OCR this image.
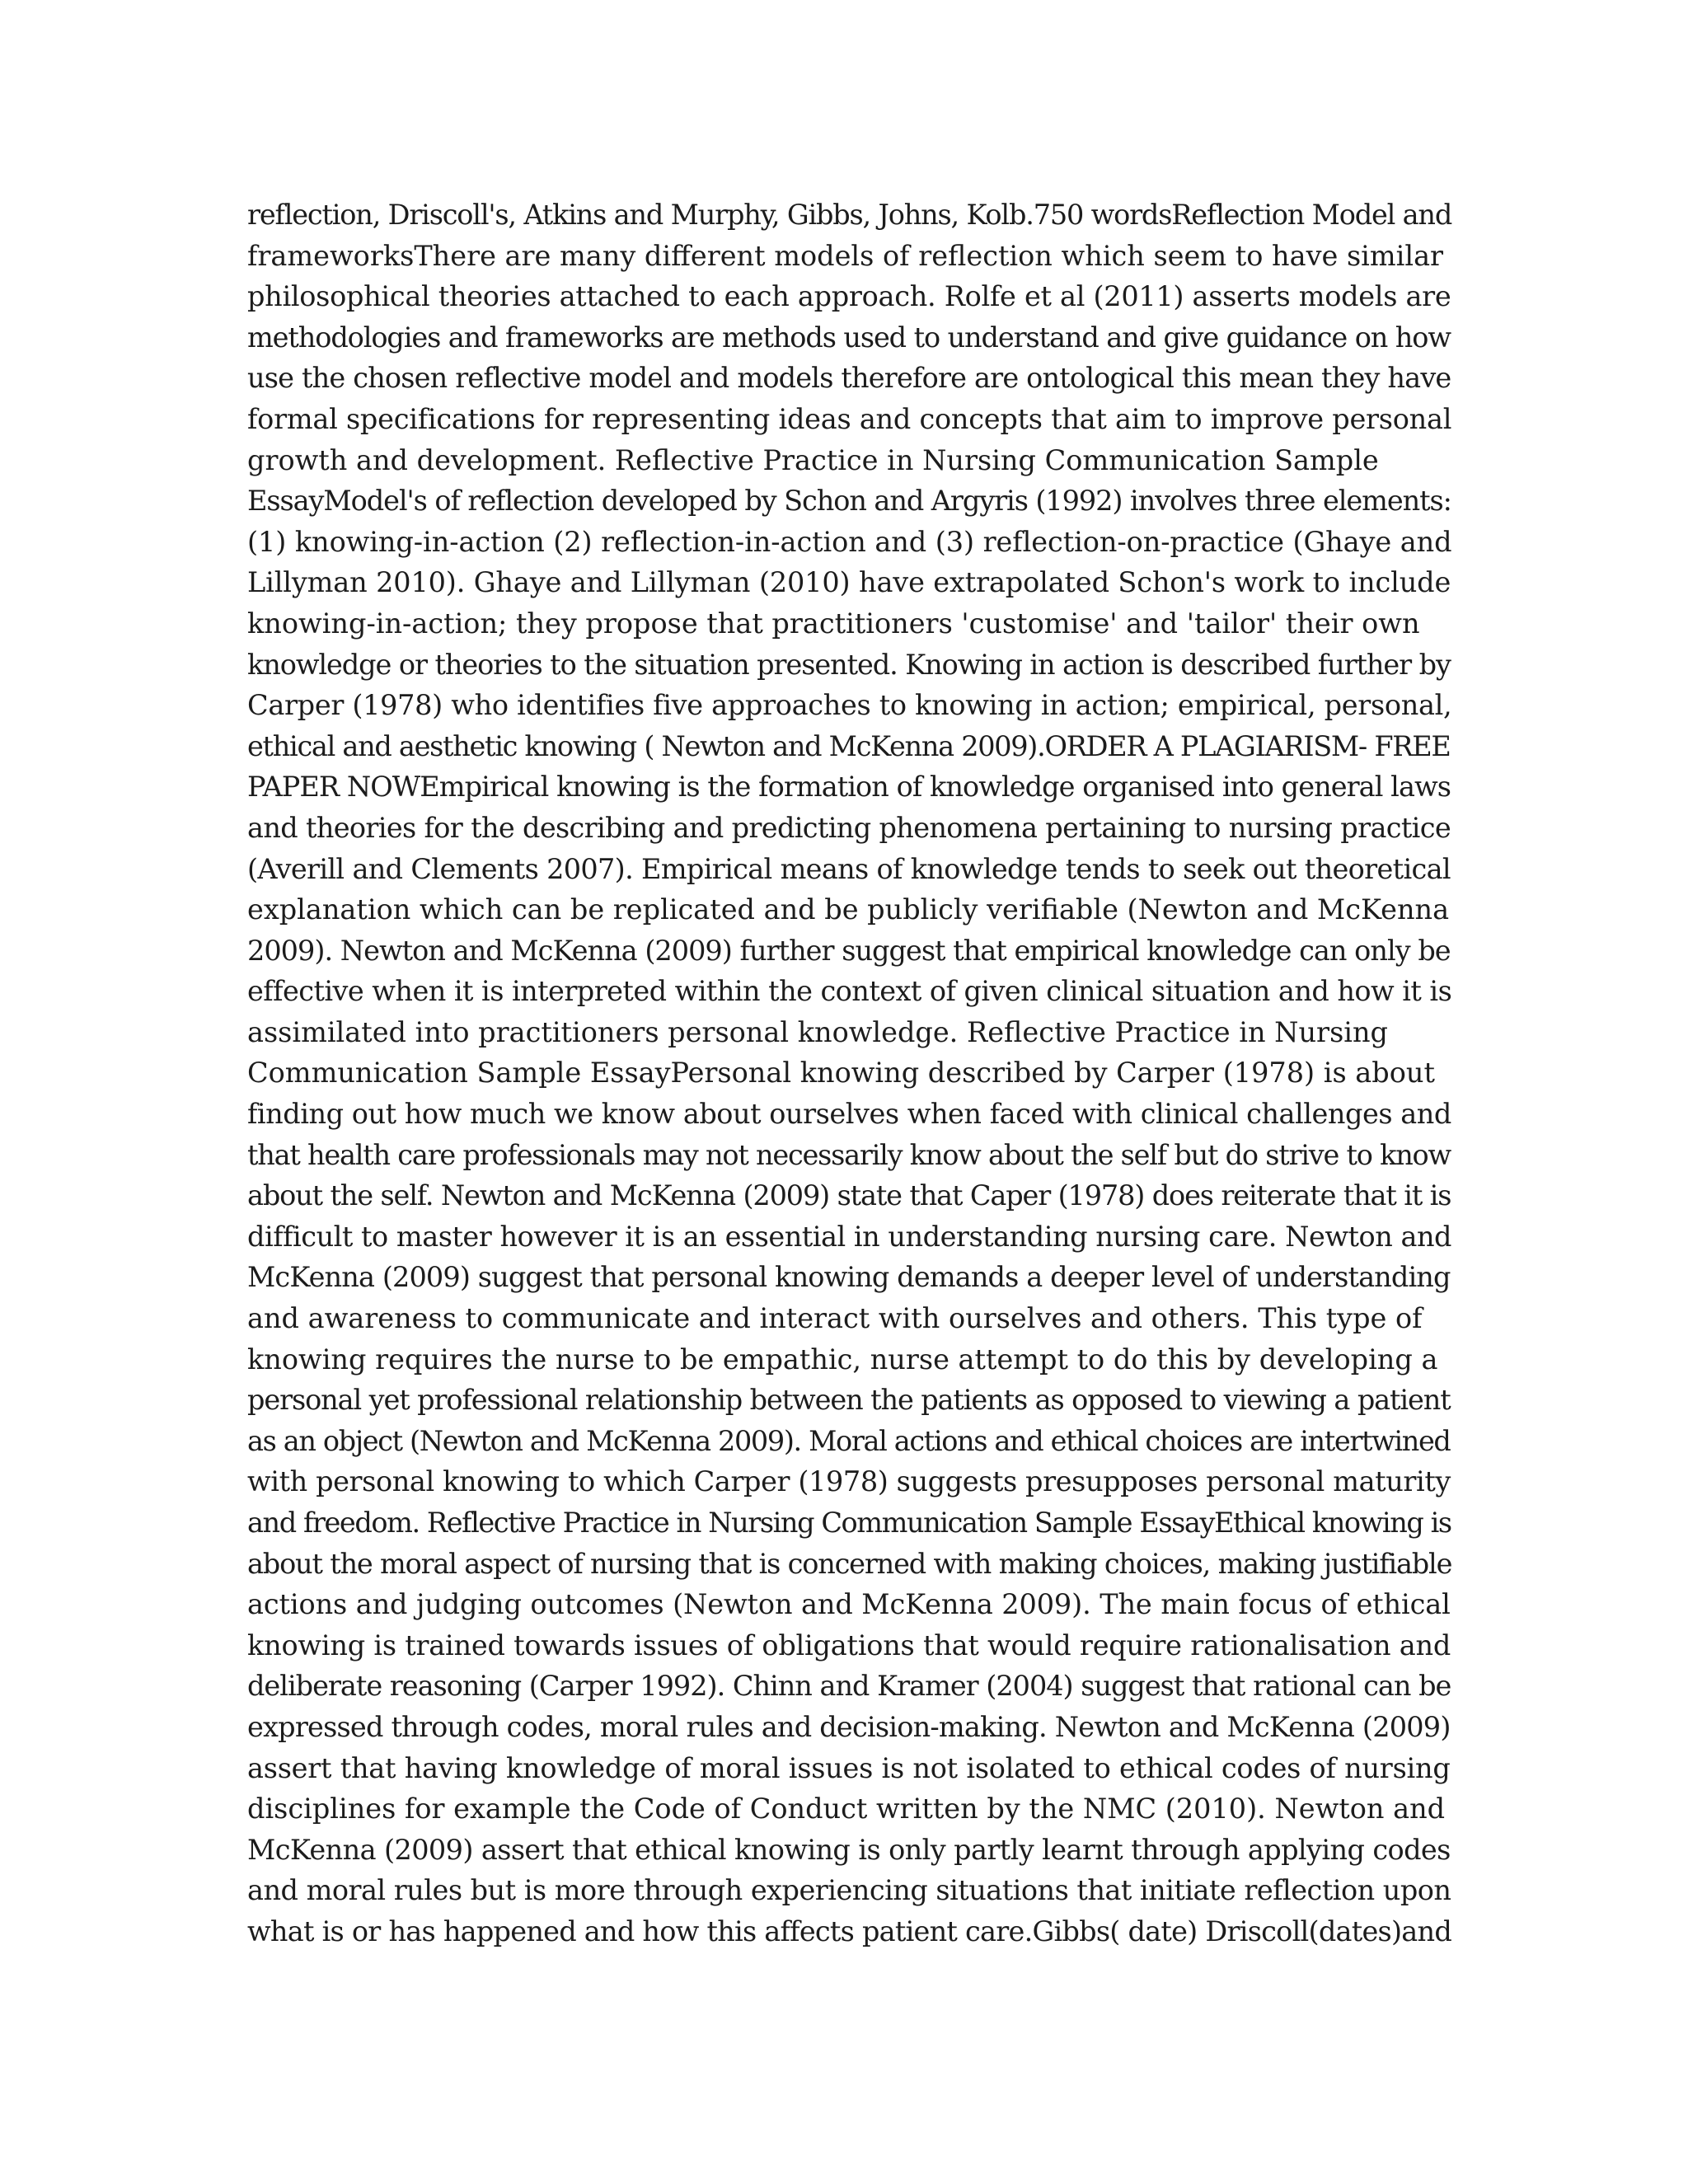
reflection, Driscoll's, Atkins and Murphy, Gibbs, Johns, Kolb.750 wordsReflection Model and
frameworksThere are many different models of reflection which seem to have similar
philosophical theories attached to each approach. Rolfe et al (2011) asserts models are
methodologies and frameworks are methods used to understand and give guidance on how
use the chosen reflective model and models therefore are ontological this mean they have
formal specifications for representing ideas and concepts that aim to improve personal
growth and development. Reflective Practice in Nursing Communication Sample
EssayModel's of reflection developed by Schon and Argyris (1992) involves three elements:
(1) knowing-in-action (2) reflection-in-action and (3) reflection-on-practice (Ghaye and
Lillyman 2010). Ghaye and Lillyman (2010) have extrapolated Schon's work to include
knowing-in-action; they propose that practitioners 'customise' and 'tailor' their own
knowledge or theories to the situation presented. Knowing in action is described further by
Carper (1978) who identifies five approaches to knowing in action; empirical, personal,
ethical and aesthetic knowing ( Newton and McKenna 2009).ORDER A PLAGIARISM- FREE
PAPER NOWEmpirical knowing is the formation of knowledge organised into general laws
and theories for the describing and predicting phenomena pertaining to nursing practice
(Averill and Clements 2007). Empirical means of knowledge tends to seek out theoretical
explanation which can be replicated and be publicly verifiable (Newton and McKenna
2009). Newton and McKenna (2009) further suggest that empirical knowledge can only be
effective when it is interpreted within the context of given clinical situation and how it is
assimilated into practitioners personal knowledge. Reflective Practice in Nursing
Communication Sample EssayPersonal knowing described by Carper (1978) is about
finding out how much we know about ourselves when faced with clinical challenges and
that health care professionals may not necessarily know about the self but do strive to know
about the self. Newton and McKenna (2009) state that Caper (1978) does reiterate that it is
difficult to master however it is an essential in understanding nursing care. Newton and
McKenna (2009) suggest that personal knowing demands a deeper level of understanding
and awareness to communicate and interact with ourselves and others. This type of
knowing requires the nurse to be empathic, nurse attempt to do this by developing a
personal yet professional relationship between the patients as opposed to viewing a patient
as an object (Newton and McKenna 2009). Moral actions and ethical choices are intertwined
with personal knowing to which Carper (1978) suggests presupposes personal maturity
and freedom. Reflective Practice in Nursing Communication Sample EssayEthical knowing is
about the moral aspect of nursing that is concerned with making choices, making justifiable
actions and judging outcomes (Newton and McKenna 2009). The main focus of ethical
knowing is trained towards issues of obligations that would require rationalisation and
deliberate reasoning (Carper 1992). Chinn and Kramer (2004) suggest that rational can be
expressed through codes, moral rules and decision-making. Newton and McKenna (2009)
assert that having knowledge of moral issues is not isolated to ethical codes of nursing
disciplines for example the Code of Conduct written by the NMC (2010). Newton and
McKenna (2009) assert that ethical knowing is only partly learnt through applying codes
and moral rules but is more through experiencing situations that initiate reflection upon
what is or has happened and how this affects patient care.Gibbs( date) Driscoll(dates)and
